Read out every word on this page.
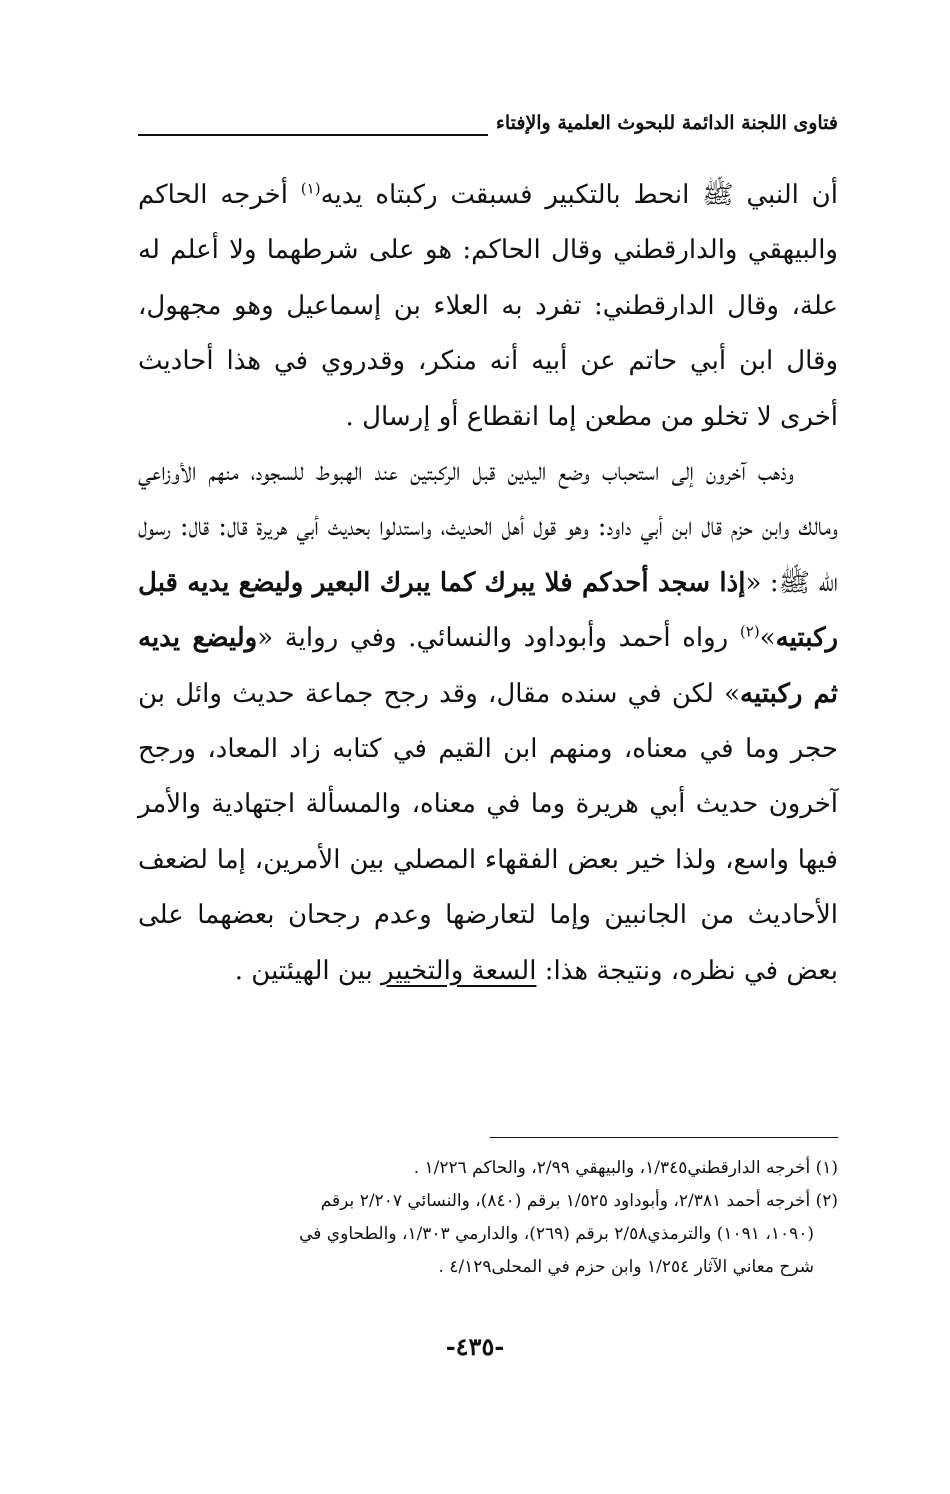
فتاوى اللجنة الدائمة للبحوث العلمية والإفتاء

أن النبي ﷺ انحط بالتكبير فسبقت ركبتاه يديه$^{(١)}$ أخرجه الحاكم والبيهقي والدارقطني وقال الحاكم: هو على شرطهما ولا أعلم له علة، وقال الدارقطني: تفرد به العلاء بن إسماعيل وهو مجهول، وقال ابن أبي حاتم عن أبيه أنه منكر، وقدروي في هذا أحاديث أخرى لا تخلو من مطعن إما انقطاع أو إرسال .

وذهب آخرون إلى استحباب وضع اليدين قبل الركبتين عند الهبوط للسجود، منهم الأوزاعي ومالك وابن حزم قال ابن أبي داود: وهو قول أهل الحديث، واستدلوا بحديث أبي هريرة قال: قال: رسول الله ﷺ: «إذا سجد أحدكم فلا يبرك كما يبرك البعير وليضع يديه قبل ركبتيه»$^{(٢)}$ رواه أحمد وأبوداود والنسائي. وفي رواية «وليضع يديه ثم ركبتيه» لكن في سنده مقال، وقد رجح جماعة حديث وائل بن حجر وما في معناه، ومنهم ابن القيم في كتابه زاد المعاد، ورجح آخرون حديث أبي هريرة وما في معناه، والمسألة اجتهادية والأمر فيها واسع، ولذا خير بعض الفقهاء المصلي بين الأمرين، إما لضعف الأحاديث من الجانبين وإما لتعارضها وعدم رجحان بعضهما على بعض في نظره، ونتيجة هذا: السعة والتخيير بين الهيئتين .

(١) أخرجه الدارقطني١/٣٤٥، والبيهقي ٢/٩٩، والحاكم ١/٢٢٦ .

(٢) أخرجه أحمد ٢/٣٨١، وأبوداود ١/٥٢٥ برقم (٨٤٠)، والنسائي ٢/٢٠٧ برقم

(١٠٩٠، ١٠٩١) والترمذي٢/٥٨ برقم (٢٦٩)، والدارمي ١/٣٠٣، والطحاوي في

شرح معاني الآثار ١/٢٥٤ وابن حزم في المحلى٤/١٢٩ .

-٤٣٥-
